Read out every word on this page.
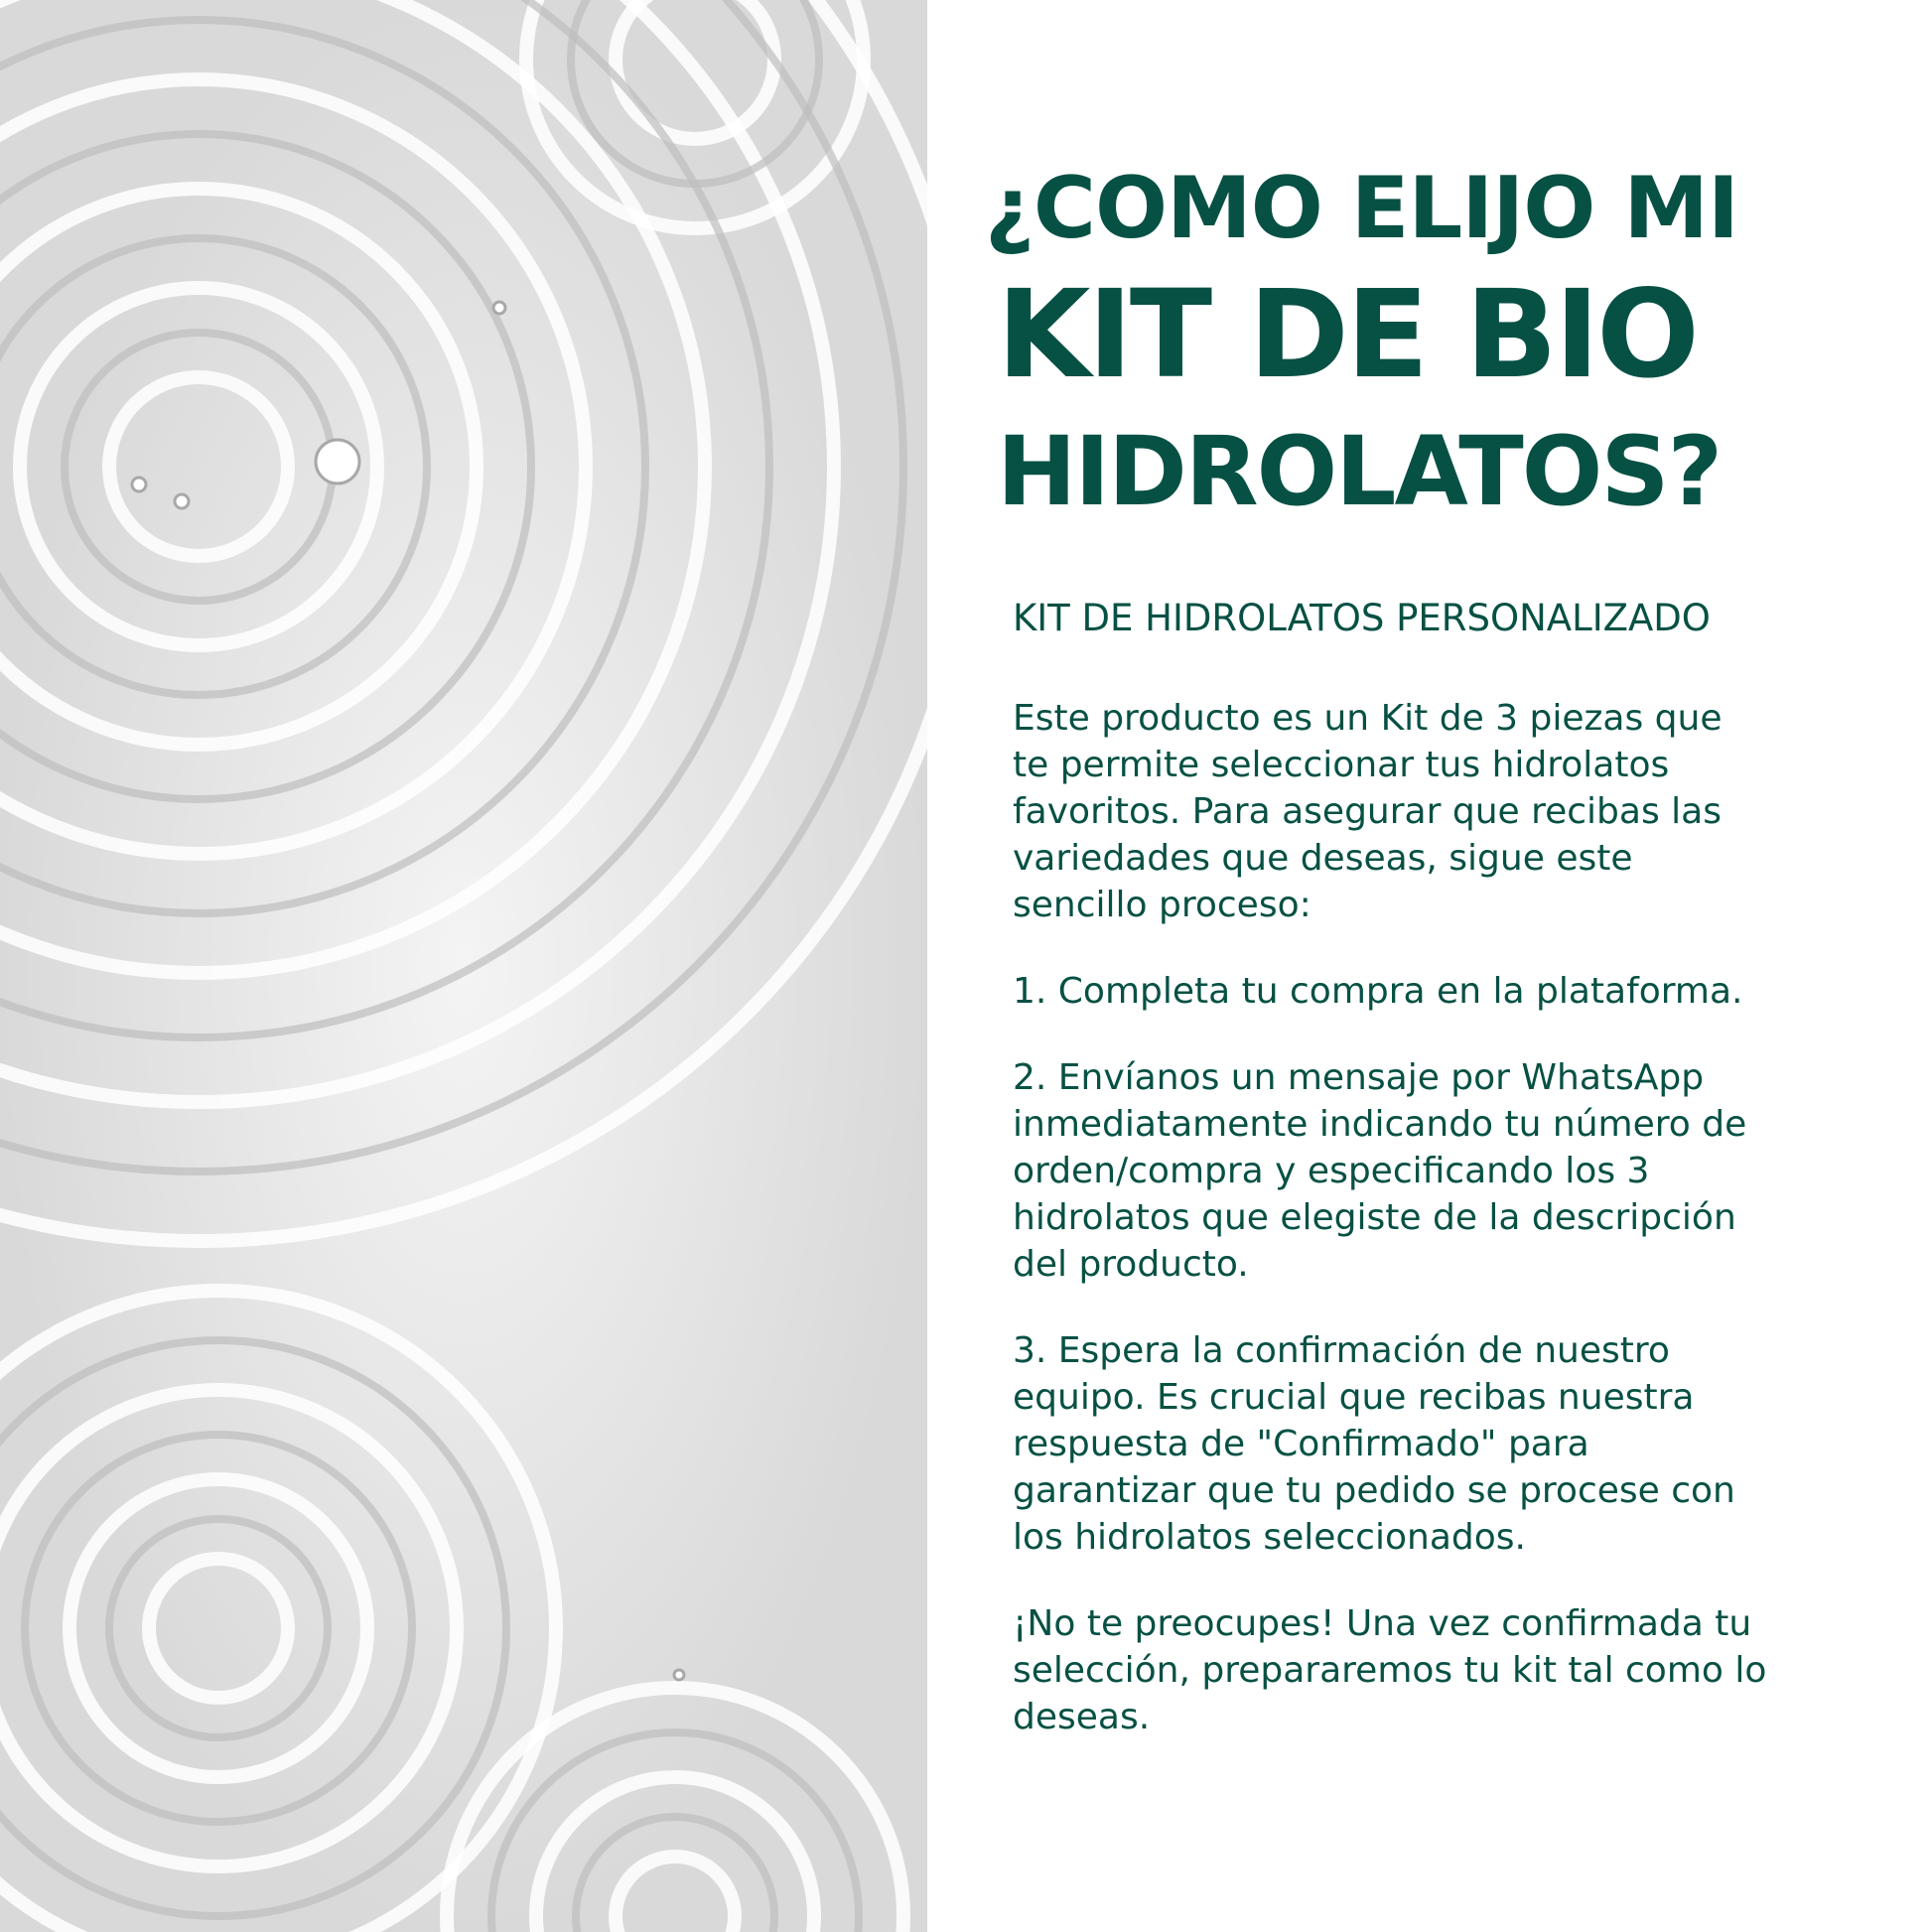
¿COMO ELIJO MI
KIT DE BIO
HIDROLATOS?
KIT DE HIDROLATOS PERSONALIZADO

Este producto es un Kit de 3 piezas que te permite seleccionar tus hidrolatos favoritos. Para asegurar que recibas las variedades que deseas, sigue este sencillo proceso:

1. Completa tu compra en la plataforma.

2. Envíanos un mensaje por WhatsApp inmediatamente indicando tu número de orden/compra y especificando los 3 hidrolatos que elegiste de la descripción del producto.

3. Espera la confirmación de nuestro equipo. Es crucial que recibas nuestra respuesta de "Confirmado" para garantizar que tu pedido se procese con los hidrolatos seleccionados.

¡No te preocupes! Una vez confirmada tu selección, prepararemos tu kit tal como lo deseas.
